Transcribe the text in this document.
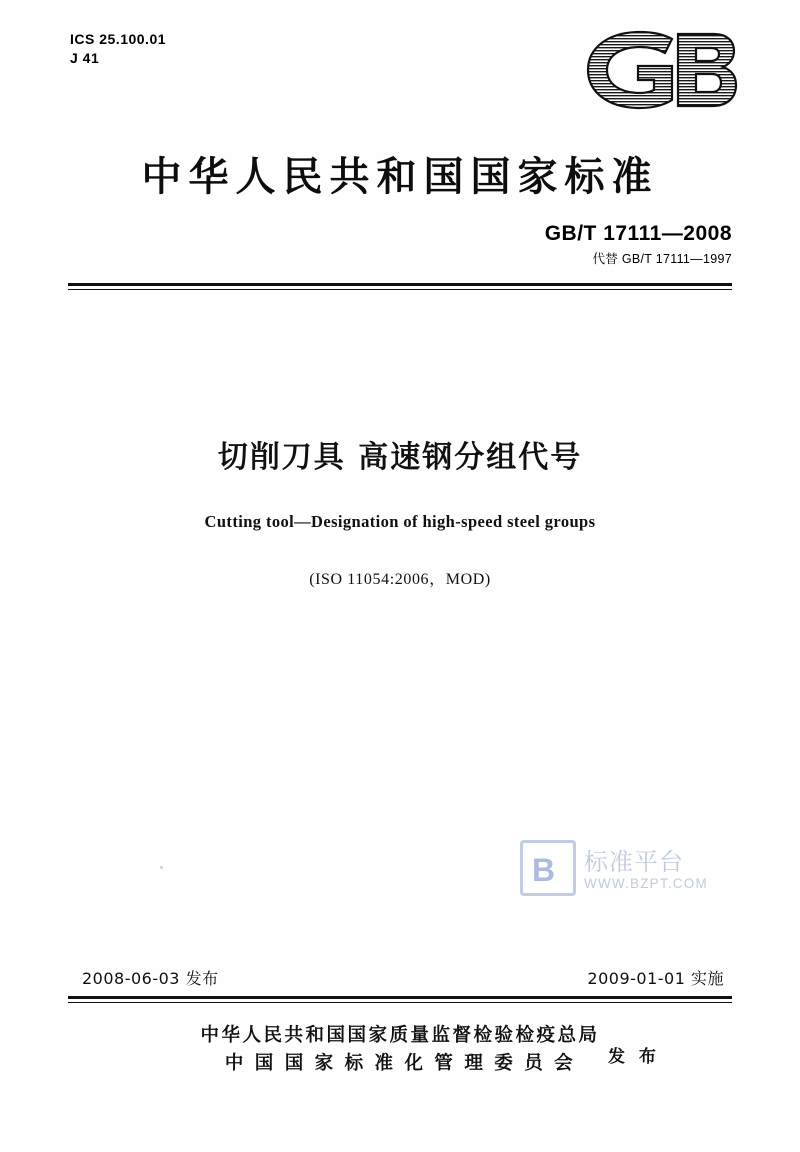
ICS 25.100.01
J 41
中华人民共和国国家标准
GB/T 17111—2008
代替 GB/T 17111—1997
切削刀具 高速钢分组代号
Cutting tool—Designation of high-speed steel groups
(ISO 11054:2006，MOD)
B 标准平台
WWW.BZPT.COM
2008-06-03 发布	2009-01-01 实施
中华人民共和国国家质量监督检验检疫总局
中 国 国 家 标 准 化 管 理 委 员 会	发 布
